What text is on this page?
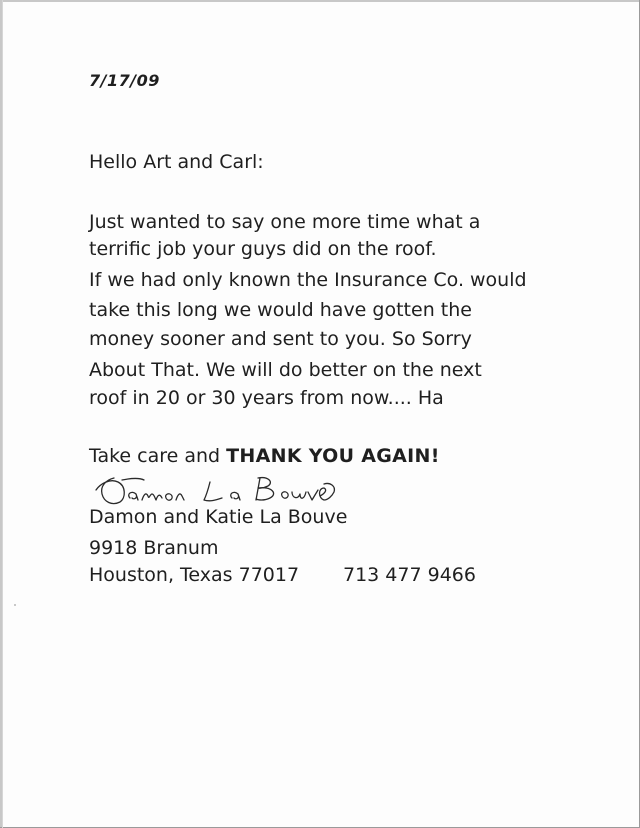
7/17/09
Hello Art and Carl:
Just wanted to say one more time what a
terrific job your guys did on the roof.
If we had only known the Insurance Co. would
take this long we would have gotten the
money sooner and sent to you. So Sorry
About That. We will do better on the next
roof in 20 or 30 years from now.... Ha
Take care and THANK YOU AGAIN!
Damon and Katie La Bouve
9918 Branum
Houston, Texas 77017 713 477 9466
